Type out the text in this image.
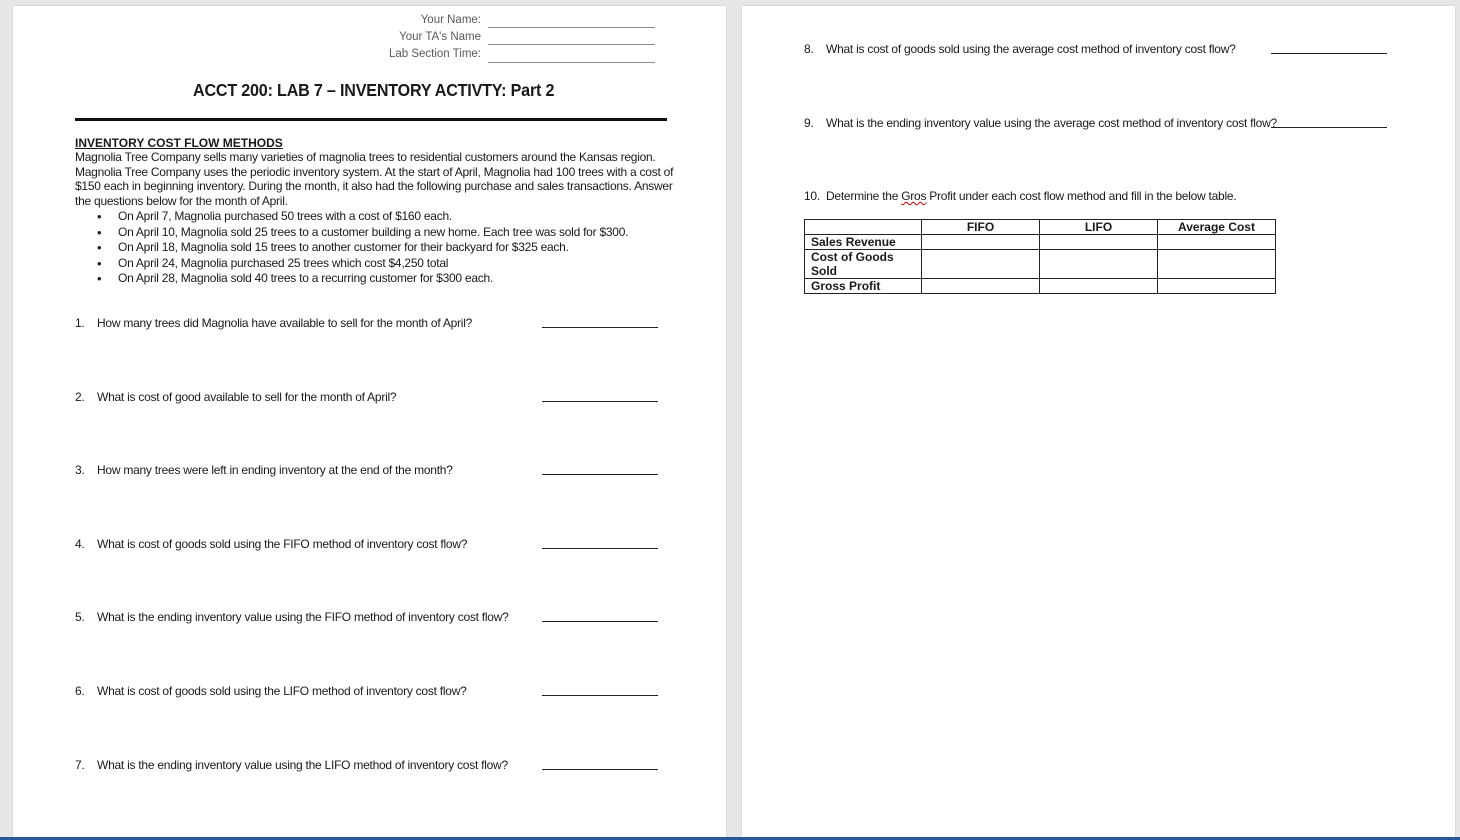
Your Name:
Your TA's Name
Lab Section Time:
ACCT 200: LAB 7 – INVENTORY ACTIVTY: Part 2
INVENTORY COST FLOW METHODS
Magnolia Tree Company sells many varieties of magnolia trees to residential customers around the Kansas region. Magnolia Tree Company uses the periodic inventory system. At the start of April, Magnolia had 100 trees with a cost of $150 each in beginning inventory. During the month, it also had the following purchase and sales transactions. Answer the questions below for the month of April.
• On April 7, Magnolia purchased 50 trees with a cost of $160 each.
• On April 10, Magnolia sold 25 trees to a customer building a new home. Each tree was sold for $300.
• On April 18, Magnolia sold 15 trees to another customer for their backyard for $325 each.
• On April 24, Magnolia purchased 25 trees which cost $4,250 total
• On April 28, Magnolia sold 40 trees to a recurring customer for $300 each.
1. How many trees did Magnolia have available to sell for the month of April?
2. What is cost of good available to sell for the month of April?
3. How many trees were left in ending inventory at the end of the month?
4. What is cost of goods sold using the FIFO method of inventory cost flow?
5. What is the ending inventory value using the FIFO method of inventory cost flow?
6. What is cost of goods sold using the LIFO method of inventory cost flow?
7. What is the ending inventory value using the LIFO method of inventory cost flow?
8. What is cost of goods sold using the average cost method of inventory cost flow?
9. What is the ending inventory value using the average cost method of inventory cost flow?
10. Determine the Gros Profit under each cost flow method and fill in the below table.
	FIFO	LIFO	Average Cost
Sales Revenue			
Cost of Goods Sold			
Gross Profit			
